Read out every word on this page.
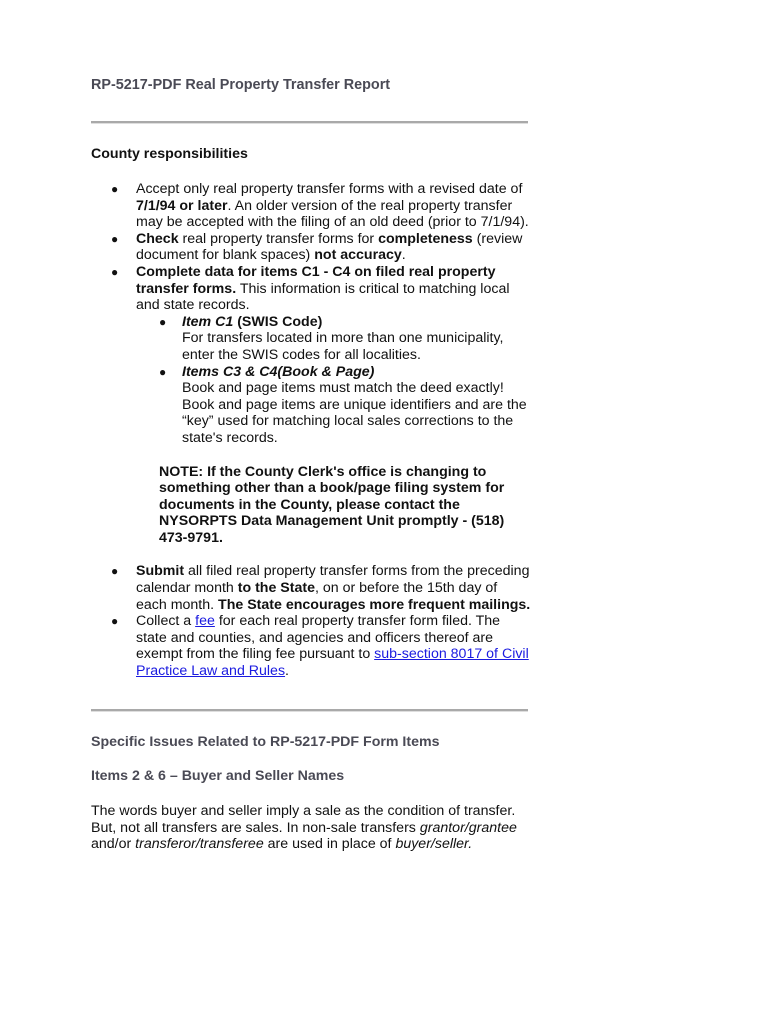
RP-5217-PDF Real Property Transfer Report
County responsibilities
● Accept only real property transfer forms with a revised date of 7/1/94 or later. An older version of the real property transfer may be accepted with the filing of an old deed (prior to 7/1/94).
● Check real property transfer forms for completeness (review document for blank spaces) not accuracy.
● Complete data for items C1 - C4 on filed real property transfer forms. This information is critical to matching local and state records.
● Item C1 (SWIS Code)
For transfers located in more than one municipality, enter the SWIS codes for all localities.
● Items C3 & C4(Book & Page)
Book and page items must match the deed exactly!
Book and page items are unique identifiers and are the “key” used for matching local sales corrections to the state's records.
NOTE: If the County Clerk's office is changing to something other than a book/page filing system for documents in the County, please contact the NYSORPTS Data Management Unit promptly - (518) 473-9791.
● Submit all filed real property transfer forms from the preceding calendar month to the State, on or before the 15th day of each month. The State encourages more frequent mailings.
● Collect a fee for each real property transfer form filed. The state and counties, and agencies and officers thereof are exempt from the filing fee pursuant to sub-section 8017 of Civil Practice Law and Rules.
Specific Issues Related to RP-5217-PDF Form Items
Items 2 & 6 – Buyer and Seller Names
The words buyer and seller imply a sale as the condition of transfer. But, not all transfers are sales. In non-sale transfers grantor/grantee and/or transferor/transferee are used in place of buyer/seller.
